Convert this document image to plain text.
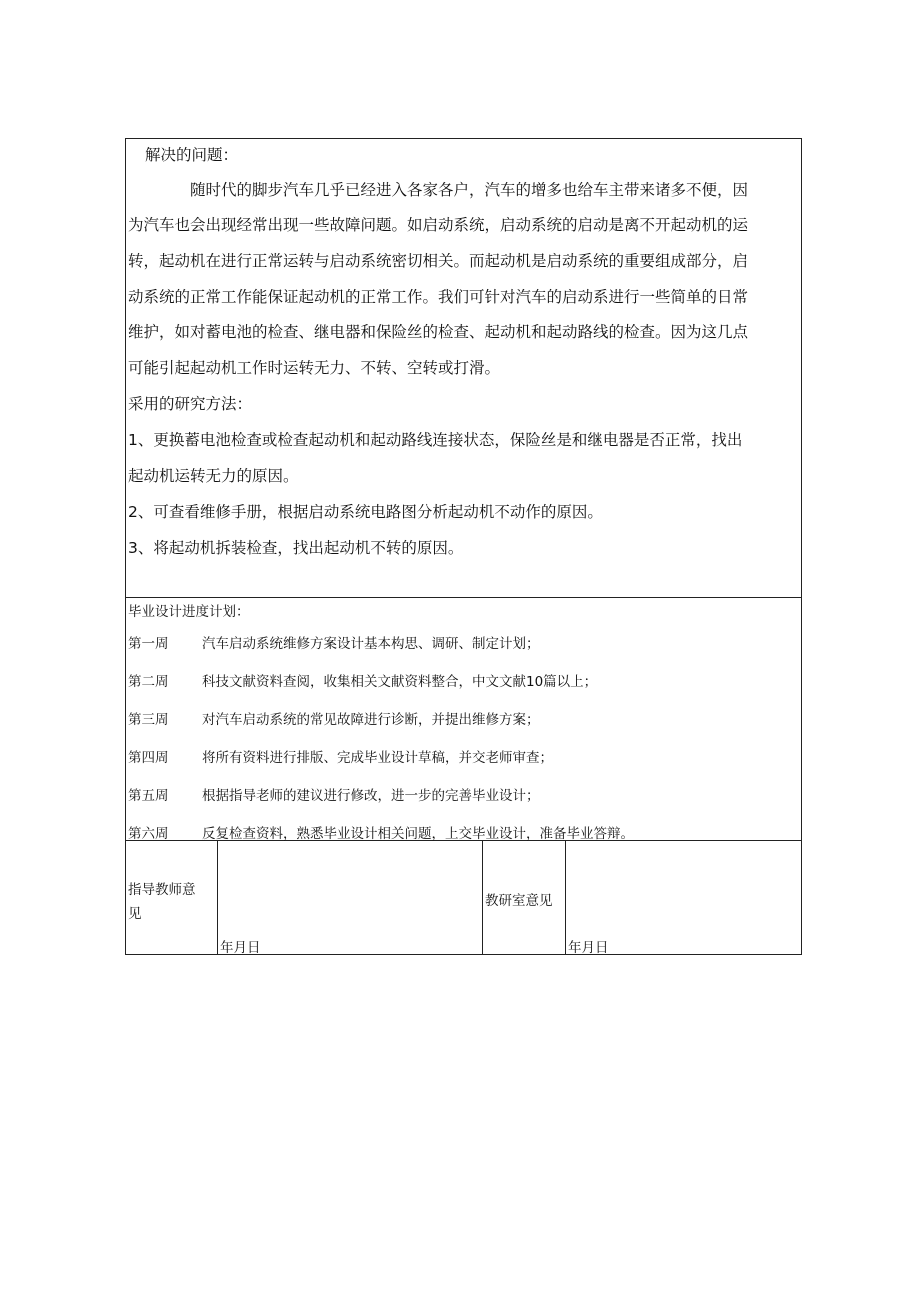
解决的问题：
随时代的脚步汽车几乎已经进入各家各户，汽车的增多也给车主带来诸多不便，因
为汽车也会出现经常出现一些故障问题。如启动系统，启动系统的启动是离不开起动机的运
转，起动机在进行正常运转与启动系统密切相关。而起动机是启动系统的重要组成部分，启
动系统的正常工作能保证起动机的正常工作。我们可针对汽车的启动系进行一些简单的日常
维护，如对蓄电池的检查、继电器和保险丝的检查、起动机和起动路线的检查。因为这几点
可能引起起动机工作时运转无力、不转、空转或打滑。
采用的研究方法：
1、更换蓄电池检查或检查起动机和起动路线连接状态，保险丝是和继电器是否正常，找出
起动机运转无力的原因。
2、可查看维修手册，根据启动系统电路图分析起动机不动作的原因。
3、将起动机拆装检查，找出起动机不转的原因。
毕业设计进度计划：
第一周 汽车启动系统维修方案设计基本构思、调研、制定计划；
第二周 科技文献资料查阅，收集相关文献资料整合，中文文献10篇以上；
第三周 对汽车启动系统的常见故障进行诊断，并提出维修方案；
第四周 将所有资料进行排版、完成毕业设计草稿，并交老师审查；
第五周 根据指导老师的建议进行修改，进一步的完善毕业设计；
第六周 反复检查资料，熟悉毕业设计相关问题，上交毕业设计，准备毕业答辩。
指导教师意
见
年月日
教研室意见
年月日
